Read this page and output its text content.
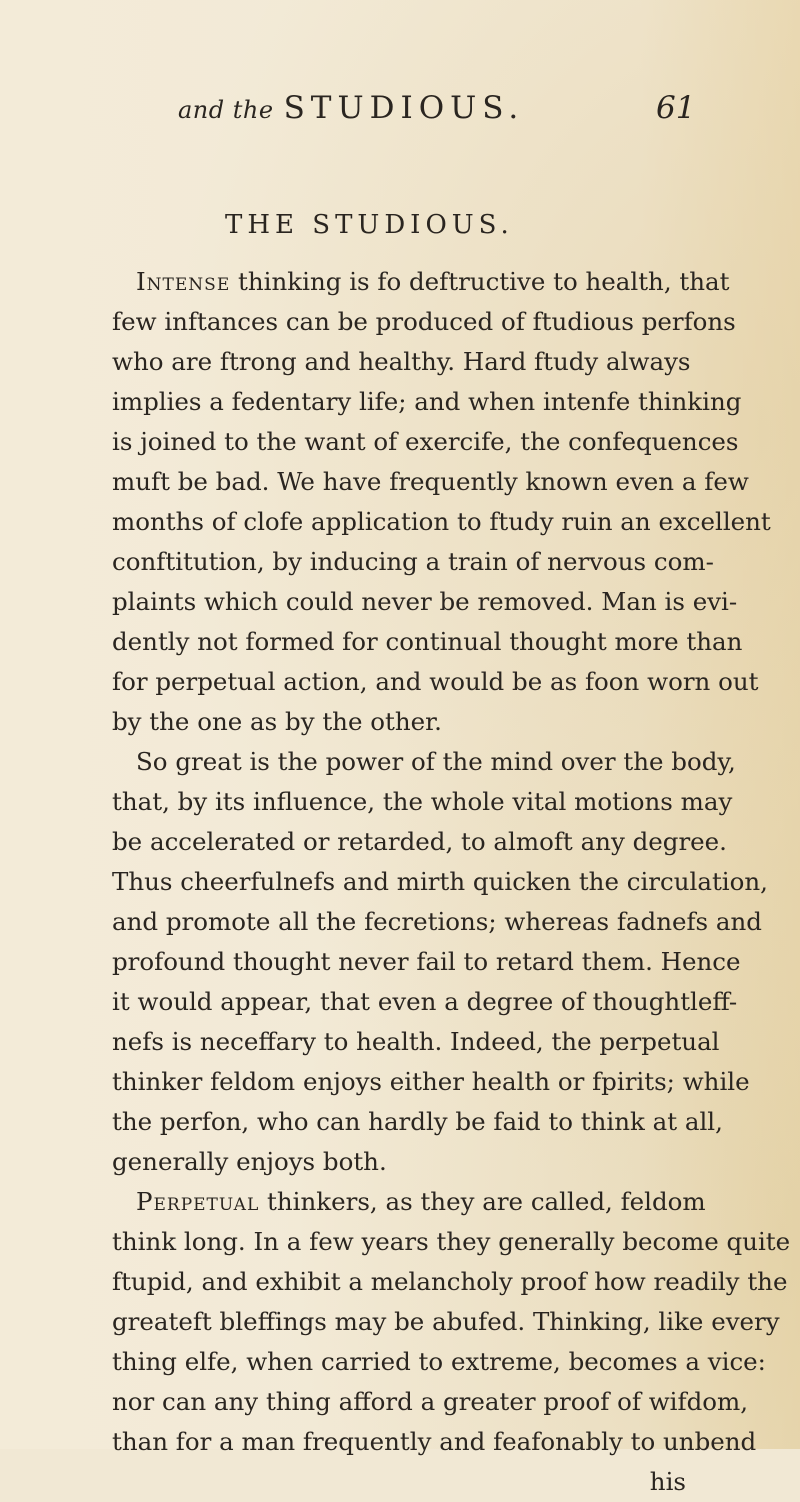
and the STUDIOUS.	61
THE STUDIOUS.
Intense thinking is fo deftructive to health, that
few inftances can be produced of ftudious perfons
who are ftrong and healthy. Hard ftudy always
implies a fedentary life; and when intenfe thinking
is joined to the want of exercife, the confequences
muft be bad. We have frequently known even a few
months of clofe application to ftudy ruin an excellent
conftitution, by inducing a train of nervous com-
plaints which could never be removed. Man is evi-
dently not formed for continual thought more than
for perpetual action, and would be as foon worn out
by the one as by the other.
So great is the power of the mind over the body,
that, by its influence, the whole vital motions may
be accelerated or retarded, to almoft any degree.
Thus cheerfulnefs and mirth quicken the circulation,
and promote all the fecretions; whereas fadnefs and
profound thought never fail to retard them. Hence
it would appear, that even a degree of thoughtleff-
nefs is neceffary to health. Indeed, the perpetual
thinker feldom enjoys either health or fpirits; while
the perfon, who can hardly be faid to think at all,
generally enjoys both.
Perpetual thinkers, as they are called, feldom
think long. In a few years they generally become quite
ftupid, and exhibit a melancholy proof how readily the
greateft bleffings may be abufed. Thinking, like every
thing elfe, when carried to extreme, becomes a vice:
nor can any thing afford a greater proof of wifdom,
than for a man frequently and feafonably to unbend
his
